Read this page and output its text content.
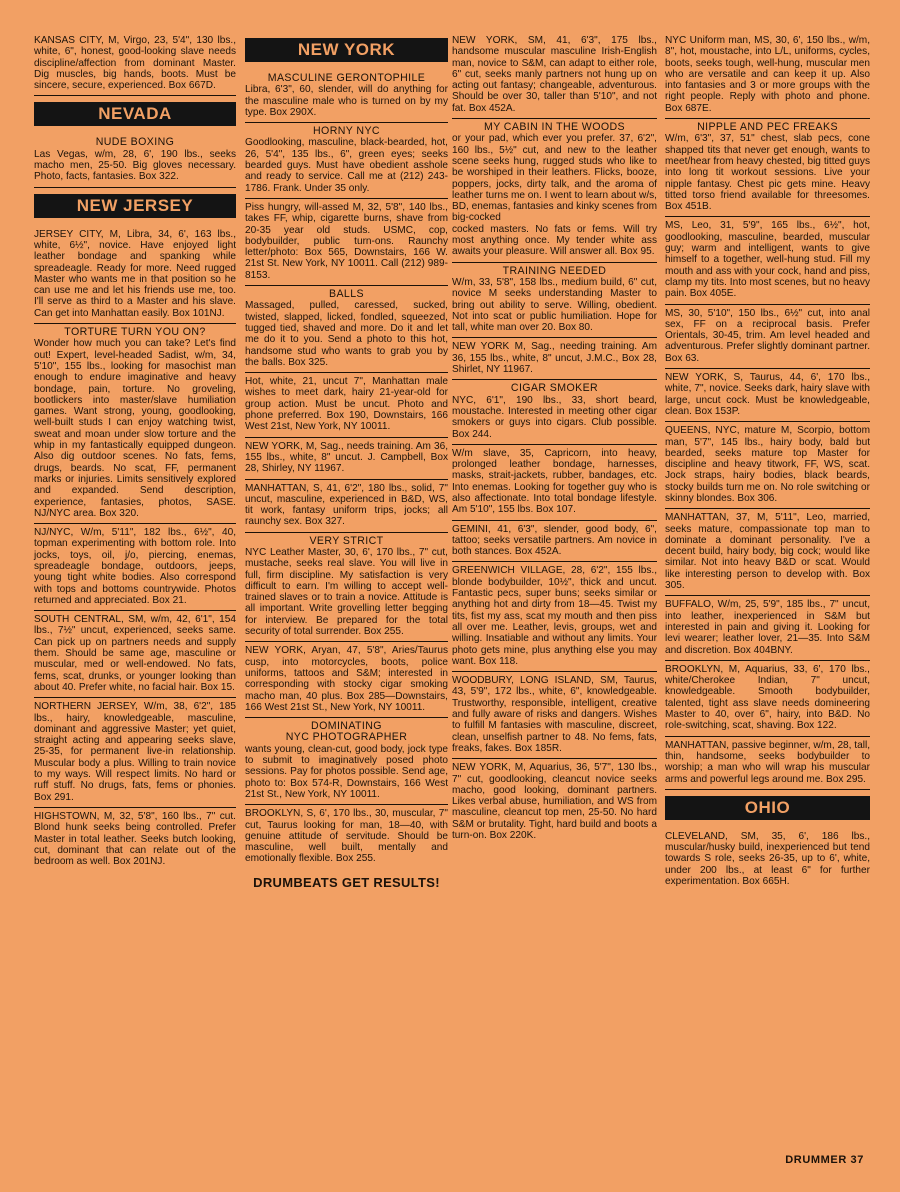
KANSAS CITY, M, Virgo, 23, 5'4", 130 lbs., white, 6", honest, good-looking slave needs discipline/affection from dominant Master. Dig muscles, big hands, boots. Must be sincere, secure, experienced. Box 667D.
NEVADA
NUDE BOXING
Las Vegas, w/m, 28, 6', 190 lbs., seeks macho men, 25-50. Big gloves necessary. Photo, facts, fantasies. Box 322.
NEW JERSEY
JERSEY CITY, M, Libra, 34, 6', 163 lbs., white, 6½", novice. Have enjoyed light leather bondage and spanking while spreadeagle. Ready for more. Need rugged Master who wants me in that position so he can use me and let his friends use me, too. I'll serve as third to a Master and his slave. Can get into Manhattan easily. Box 101NJ.
TORTURE TURN YOU ON?
Wonder how much you can take? Let's find out! Expert, level-headed Sadist, w/m, 34, 5'10", 155 lbs., looking for masochist man enough to endure imaginative and heavy bondage, pain, torture. No groveling, bootlickers into master/slave humiliation games. Want strong, young, goodlooking, well-built studs I can enjoy watching twist, sweat and moan under slow torture and the whip in my fantastically equipped dungeon. Also dig outdoor scenes. No fats, fems, drugs, beards. No scat, FF, permanent marks or injuries. Limits sensitively explored and expanded. Send description, experience, fantasies, photos, SASE. NJ/NYC area. Box 320.
NJ/NYC, W/m, 5'11", 182 lbs., 6½", 40, topman experimenting with bottom role. Into jocks, toys, oil, j/o, piercing, enemas, spreadeagle bondage, outdoors, jeeps, young tight white bodies. Also correspond with tops and bottoms countrywide. Photos returned and appreciated. Box 21.
SOUTH CENTRAL, SM, w/m, 42, 6'1", 154 lbs., 7½" uncut, experienced, seeks same. Can pick up on partners needs and supply them. Should be same age, masculine or muscular, med or well-endowed. No fats, fems, scat, drunks, or younger looking than about 40. Prefer white, no facial hair. Box 15.
NORTHERN JERSEY, W/m, 38, 6'2", 185 lbs., hairy, knowledgeable, masculine, dominant and aggressive Master; yet quiet, straight acting and appearing seeks slave, 25-35, for permanent live-in relationship. Muscular body a plus. Willing to train novice to my ways. Will respect limits. No hard or ruff stuff. No drugs, fats, fems or phonies. Box 291.
HIGHSTOWN, M, 32, 5'8", 160 lbs., 7" cut. Blond hunk seeks being controlled. Prefer Master in total leather. Seeks butch looking, cut, dominant that can relate out of the bedroom as well. Box 201NJ.
NEW YORK
MASCULINE GERONTOPHILE
Libra, 6'3", 60, slender, will do anything for the masculine male who is turned on by my type. Box 290X.
HORNY NYC
Goodlooking, masculine, black-bearded, hot, 26, 5'4", 135 lbs., 6", green eyes; seeks bearded guys. Must have obedient asshole and ready to service. Call me at (212) 243-1786. Frank. Under 35 only.
Piss hungry, will-assed M, 32, 5'8", 140 lbs., takes FF, whip, cigarette burns, shave from 20-35 year old studs. USMC, cop, bodybuilder, public turn-ons. Raunchy letter/photo: Box 565, Downstairs, 166 W. 21st St. New York, NY 10011. Call (212) 989-8153.
BALLS
Massaged, pulled, caressed, sucked, twisted, slapped, licked, fondled, squeezed, tugged tied, shaved and more. Do it and let me do it to you. Send a photo to this hot, handsome stud who wants to grab you by the balls. Box 325.
Hot, white, 21, uncut 7", Manhattan male wishes to meet dark, hairy 21-year-old for group action. Must be uncut. Photo and phone preferred. Box 190, Downstairs, 166 West 21st, New York, NY 10011.
NEW YORK, M, Sag., needs training. Am 36, 155 lbs., white, 8" uncut. J. Campbell, Box 28, Shirley, NY 11967.
MANHATTAN, S, 41, 6'2", 180 lbs., solid, 7" uncut, masculine, experienced in B&D, WS, tit work, fantasy uniform trips, jocks; all raunchy sex. Box 327.
VERY STRICT
NYC Leather Master, 30, 6', 170 lbs., 7" cut, mustache, seeks real slave. You will live in full, firm discipline. My satisfaction is very difficult to earn. I'm willing to accept well-trained slaves or to train a novice. Attitude is all important. Write grovelling letter begging for interview. Be prepared for the total security of total surrender. Box 255.
NEW YORK, Aryan, 47, 5'8", Aries/Taurus cusp, into motorcycles, boots, police uniforms, tattoos and S&M; interested in corresponding with stocky cigar smoking macho man, 40 plus. Box 285—Downstairs, 166 West 21st St., New York, NY 10011.
DOMINATING
NYC PHOTOGRAPHER
wants young, clean-cut, good body, jock type to submit to imaginatively posed photo sessions. Pay for photos possible. Send age, photo to: Box 574-R, Downstairs, 166 West 21st St., New York, NY 10011.
BROOKLYN, S, 6', 170 lbs., 30, muscular, 7" cut, Taurus looking for man, 18—40, with genuine attitude of servitude. Should be masculine, well built, mentally and emotionally flexible. Box 255.
DRUMBEATS GET RESULTS!
NEW YORK, SM, 41, 6'3", 175 lbs., handsome muscular masculine Irish-English man, novice to S&M, can adapt to either role, 6" cut, seeks manly partners not hung up on acting out fantasy; changeable, adventurous. Should be over 30, taller than 5'10", and not fat. Box 452A.
MY CABIN IN THE WOODS
or your pad, which ever you prefer. 37, 6'2", 160 lbs., 5½" cut, and new to the leather scene seeks hung, rugged studs who like to be worshiped in their leathers. Flicks, booze, poppers, jocks, dirty talk, and the aroma of leather turns me on. I went to learn about w/s, BD, enemas, fantasies and kinky scenes from big-cocked
cocked masters. No fats or fems. Will try most anything once. My tender white ass awaits your pleasure. Will answer all. Box 95.
TRAINING NEEDED
W/m, 33, 5'8", 158 lbs., medium build, 6" cut, novice M seeks understanding Master to bring out ability to serve. Willing, obedient. Not into scat or public humiliation. Hope for tall, white man over 20. Box 80.
NEW YORK M, Sag., needing training. Am 36, 155 lbs., white, 8" uncut, J.M.C., Box 28, Shirlet, NY 11967.
CIGAR SMOKER
NYC, 6'1", 190 lbs., 33, short beard, moustache. Interested in meeting other cigar smokers or guys into cigars. Club possible. Box 244.
W/m slave, 35, Capricorn, into heavy, prolonged leather bondage, harnesses, masks, strait-jackets, rubber, bandages, etc. Into enemas. Looking for together guy who is also affectionate. Into total bondage lifestyle. Am 5'10", 155 lbs. Box 107.
GEMINI, 41, 6'3", slender, good body, 6", tattoo; seeks versatile partners. Am novice in both stances. Box 452A.
GREENWICH VILLAGE, 28, 6'2", 155 lbs., blonde bodybuilder, 10½", thick and uncut. Fantastic pecs, super buns; seeks similar or anything hot and dirty from 18—45. Twist my tits, fist my ass, scat my mouth and then piss all over me. Leather, levis, groups, wet and willing. Insatiable and without any limits. Your photo gets mine, plus anything else you may want. Box 118.
WOODBURY, LONG ISLAND, SM, Taurus, 43, 5'9", 172 lbs., white, 6", knowledgeable. Trustworthy, responsible, intelligent, creative and fully aware of risks and dangers. Wishes to fulfill M fantasies with masculine, discreet, clean, unselfish partner to 48. No fems, fats, freaks, fakes. Box 185R.
NEW YORK, M, Aquarius, 36, 5'7", 130 lbs., 7" cut, goodlooking, cleancut novice seeks macho, good looking, dominant partners. Likes verbal abuse, humiliation, and WS from masculine, cleancut top men, 25-50. No hard S&M or brutality. Tight, hard build and boots a turn-on. Box 220K.
NYC Uniform man, MS, 30, 6', 150 lbs., w/m, 8", hot, moustache, into L/L, uniforms, cycles, boots, seeks tough, well-hung, muscular men who are versatile and can keep it up. Also into fantasies and 3 or more groups with the right people. Reply with photo and phone. Box 687E.
NIPPLE AND PEC FREAKS
W/m, 6'3", 37, 51" chest, slab pecs, cone shapped tits that never get enough, wants to meet/hear from heavy chested, big titted guys into long tit workout sessions. Live your nipple fantasy. Chest pic gets mine. Heavy titted torso friend available for threesomes. Box 451B.
MS, Leo, 31, 5'9", 165 lbs., 6½", hot, goodlooking, masculine, bearded, muscular guy; warm and intelligent, wants to give himself to a together, well-hung stud. Fill my mouth and ass with your cock, hand and piss, clamp my tits. Into most scenes, but no heavy pain. Box 405E.
MS, 30, 5'10", 150 lbs., 6½" cut, into anal sex, FF on a reciprocal basis. Prefer Orientals, 30-45, trim. Am level headed and adventurous. Prefer slightly dominant partner. Box 63.
NEW YORK, S, Taurus, 44, 6', 170 lbs., white, 7", novice. Seeks dark, hairy slave with large, uncut cock. Must be knowledgeable, clean. Box 153P.
QUEENS, NYC, mature M, Scorpio, bottom man, 5'7", 145 lbs., hairy body, bald but bearded, seeks mature top Master for discipline and heavy titwork, FF, WS, scat. Jock straps, hairy bodies, black beards, stocky builds turn me on. No role switching or skinny blondes. Box 306.
MANHATTAN, 37, M, 5'11", Leo, married, seeks mature, compassionate top man to dominate a dominant personality. I've a decent build, hairy body, big cock; would like similar. Not into heavy B&D or scat. Would like interesting person to develop with. Box 305.
BUFFALO, W/m, 25, 5'9", 185 lbs., 7" uncut, into leather, inexperienced in S&M but interested in pain and giving it. Looking for levi wearer; leather lover, 21—35. Into S&M and discretion. Box 404BNY.
BROOKLYN, M, Aquarius, 33, 6', 170 lbs., white/Cherokee Indian, 7" uncut, knowledgeable. Smooth bodybuilder, talented, tight ass slave needs domineering Master to 40, over 6", hairy, into B&D. No role-switching, scat, shaving. Box 122.
MANHATTAN, passive beginner, w/m, 28, tall, thin, handsome, seeks bodybuilder to worship; a man who will wrap his muscular arms and powerful legs around me. Box 295.
OHIO
CLEVELAND, SM, 35, 6', 186 lbs., muscular/husky build, inexperienced but tend towards S role, seeks 26-35, up to 6', white, under 200 lbs., at least 6" for further experimentation. Box 665H.
DRUMMER 37
